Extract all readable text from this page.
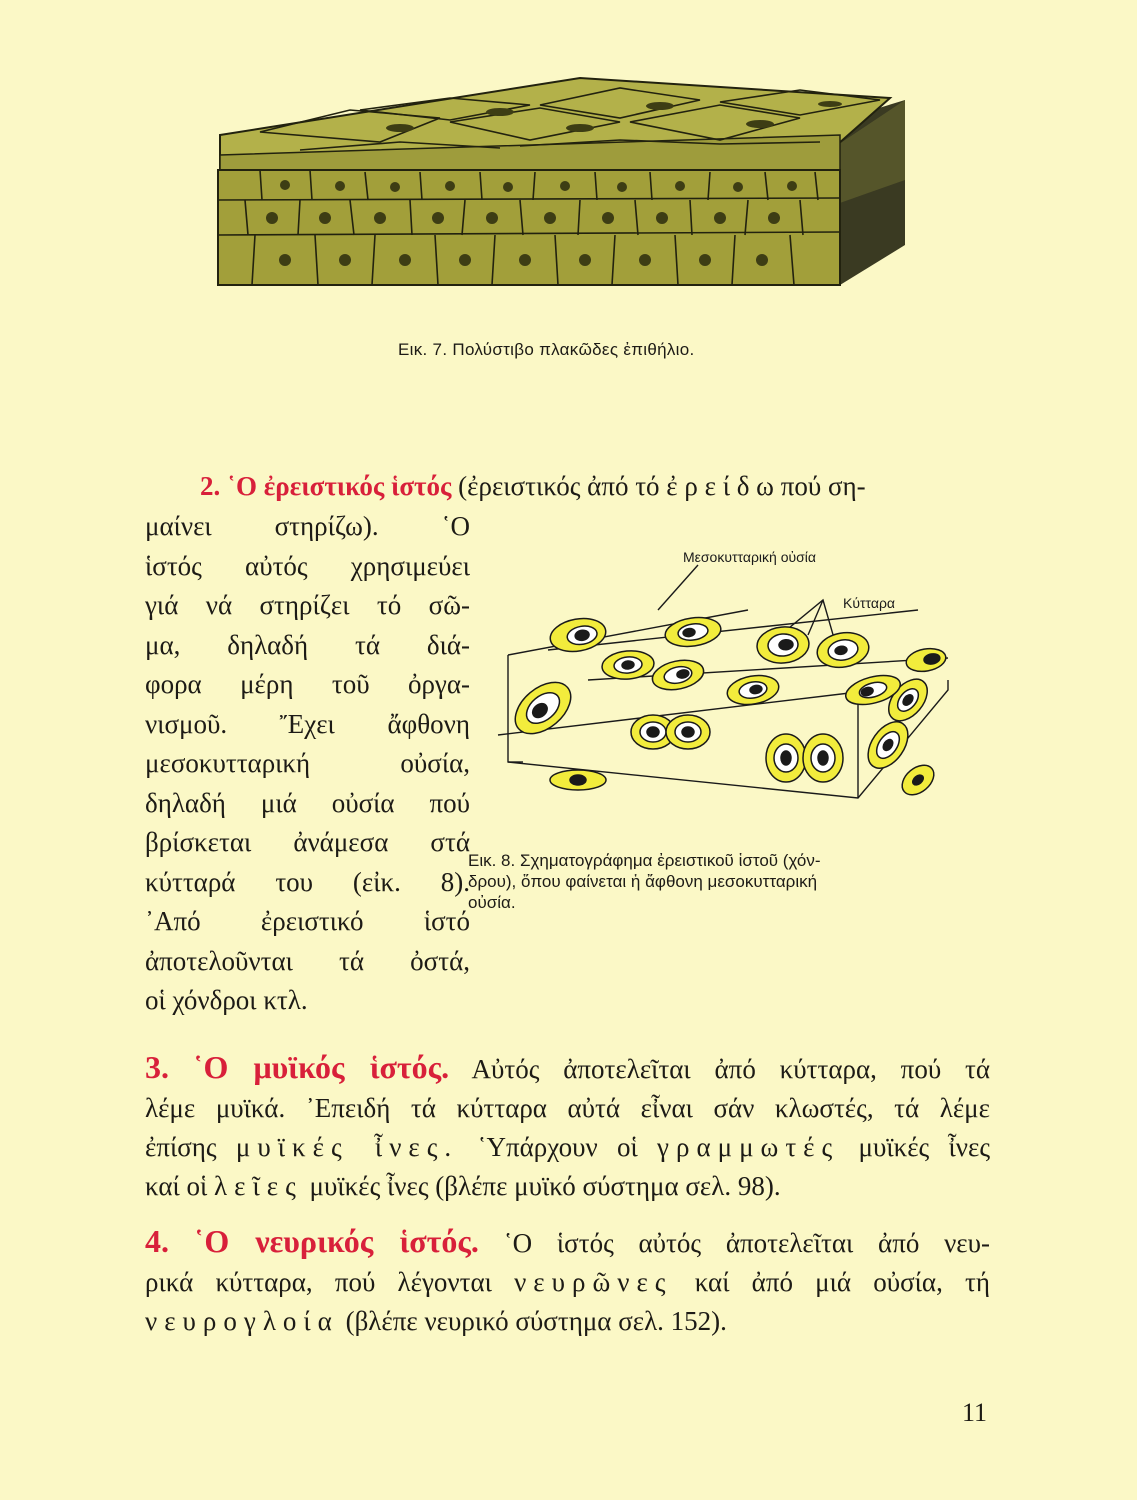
Εικ. 7. Πολύστιβο πλακῶδες ἐπιθήλιο.
2. ῾Ο ἐρειστικός ἱστός (ἐρειστικός ἀπό τό ἐ ρ ε ί δ ω πού ση-
μαίνει στηρίζω). ῾Ο
ἱστός αὐτός χρησιμεύει
γιά νά στηρίζει τό σῶ-
μα, δηλαδή τά διά-
φορα μέρη τοῦ ὀργα-
νισμοῦ. Ἔχει ἄφθονη
μεσοκυτταρική οὐσία,
δηλαδή μιά οὐσία πού
βρίσκεται ἀνάμεσα στά
κύτταρά του (εἰκ. 8).
᾿Από ἐρειστικό ἱστό
ἀποτελοῦνται τά ὀστά,
οἱ χόνδροι κτλ.
Μεσοκυτταρική οὐσία
Κύτταρα
Εικ. 8. Σχηματογράφημα ἐρειστικοῦ ἱστοῦ (χόν-
δρου), ὅπου φαίνεται ἡ ἄφθονη μεσοκυτταρική
οὐσία.
3. ῾Ο μυϊκός ἱστός. Αὐτός ἀποτελεῖται ἀπό κύτταρα, πού τά
λέμε μυϊκά. ᾿Επειδή τά κύτταρα αὐτά εἶναι σάν κλωστές, τά λέμε
ἐπίσης μυϊκές ἶνες. ῾Υπάρχουν οἱ γραμμωτές μυϊκές ἶνες
καί οἱ λεῖες μυϊκές ἶνες (βλέπε μυϊκό σύστημα σελ. 98).
4. ῾Ο νευρικός ἱστός. ῾Ο ἱστός αὐτός ἀποτελεῖται ἀπό νευ-
ρικά κύτταρα, πού λέγονται νευρῶνες καί ἀπό μιά οὐσία, τή
νευρογλοία (βλέπε νευρικό σύστημα σελ. 152).
11
